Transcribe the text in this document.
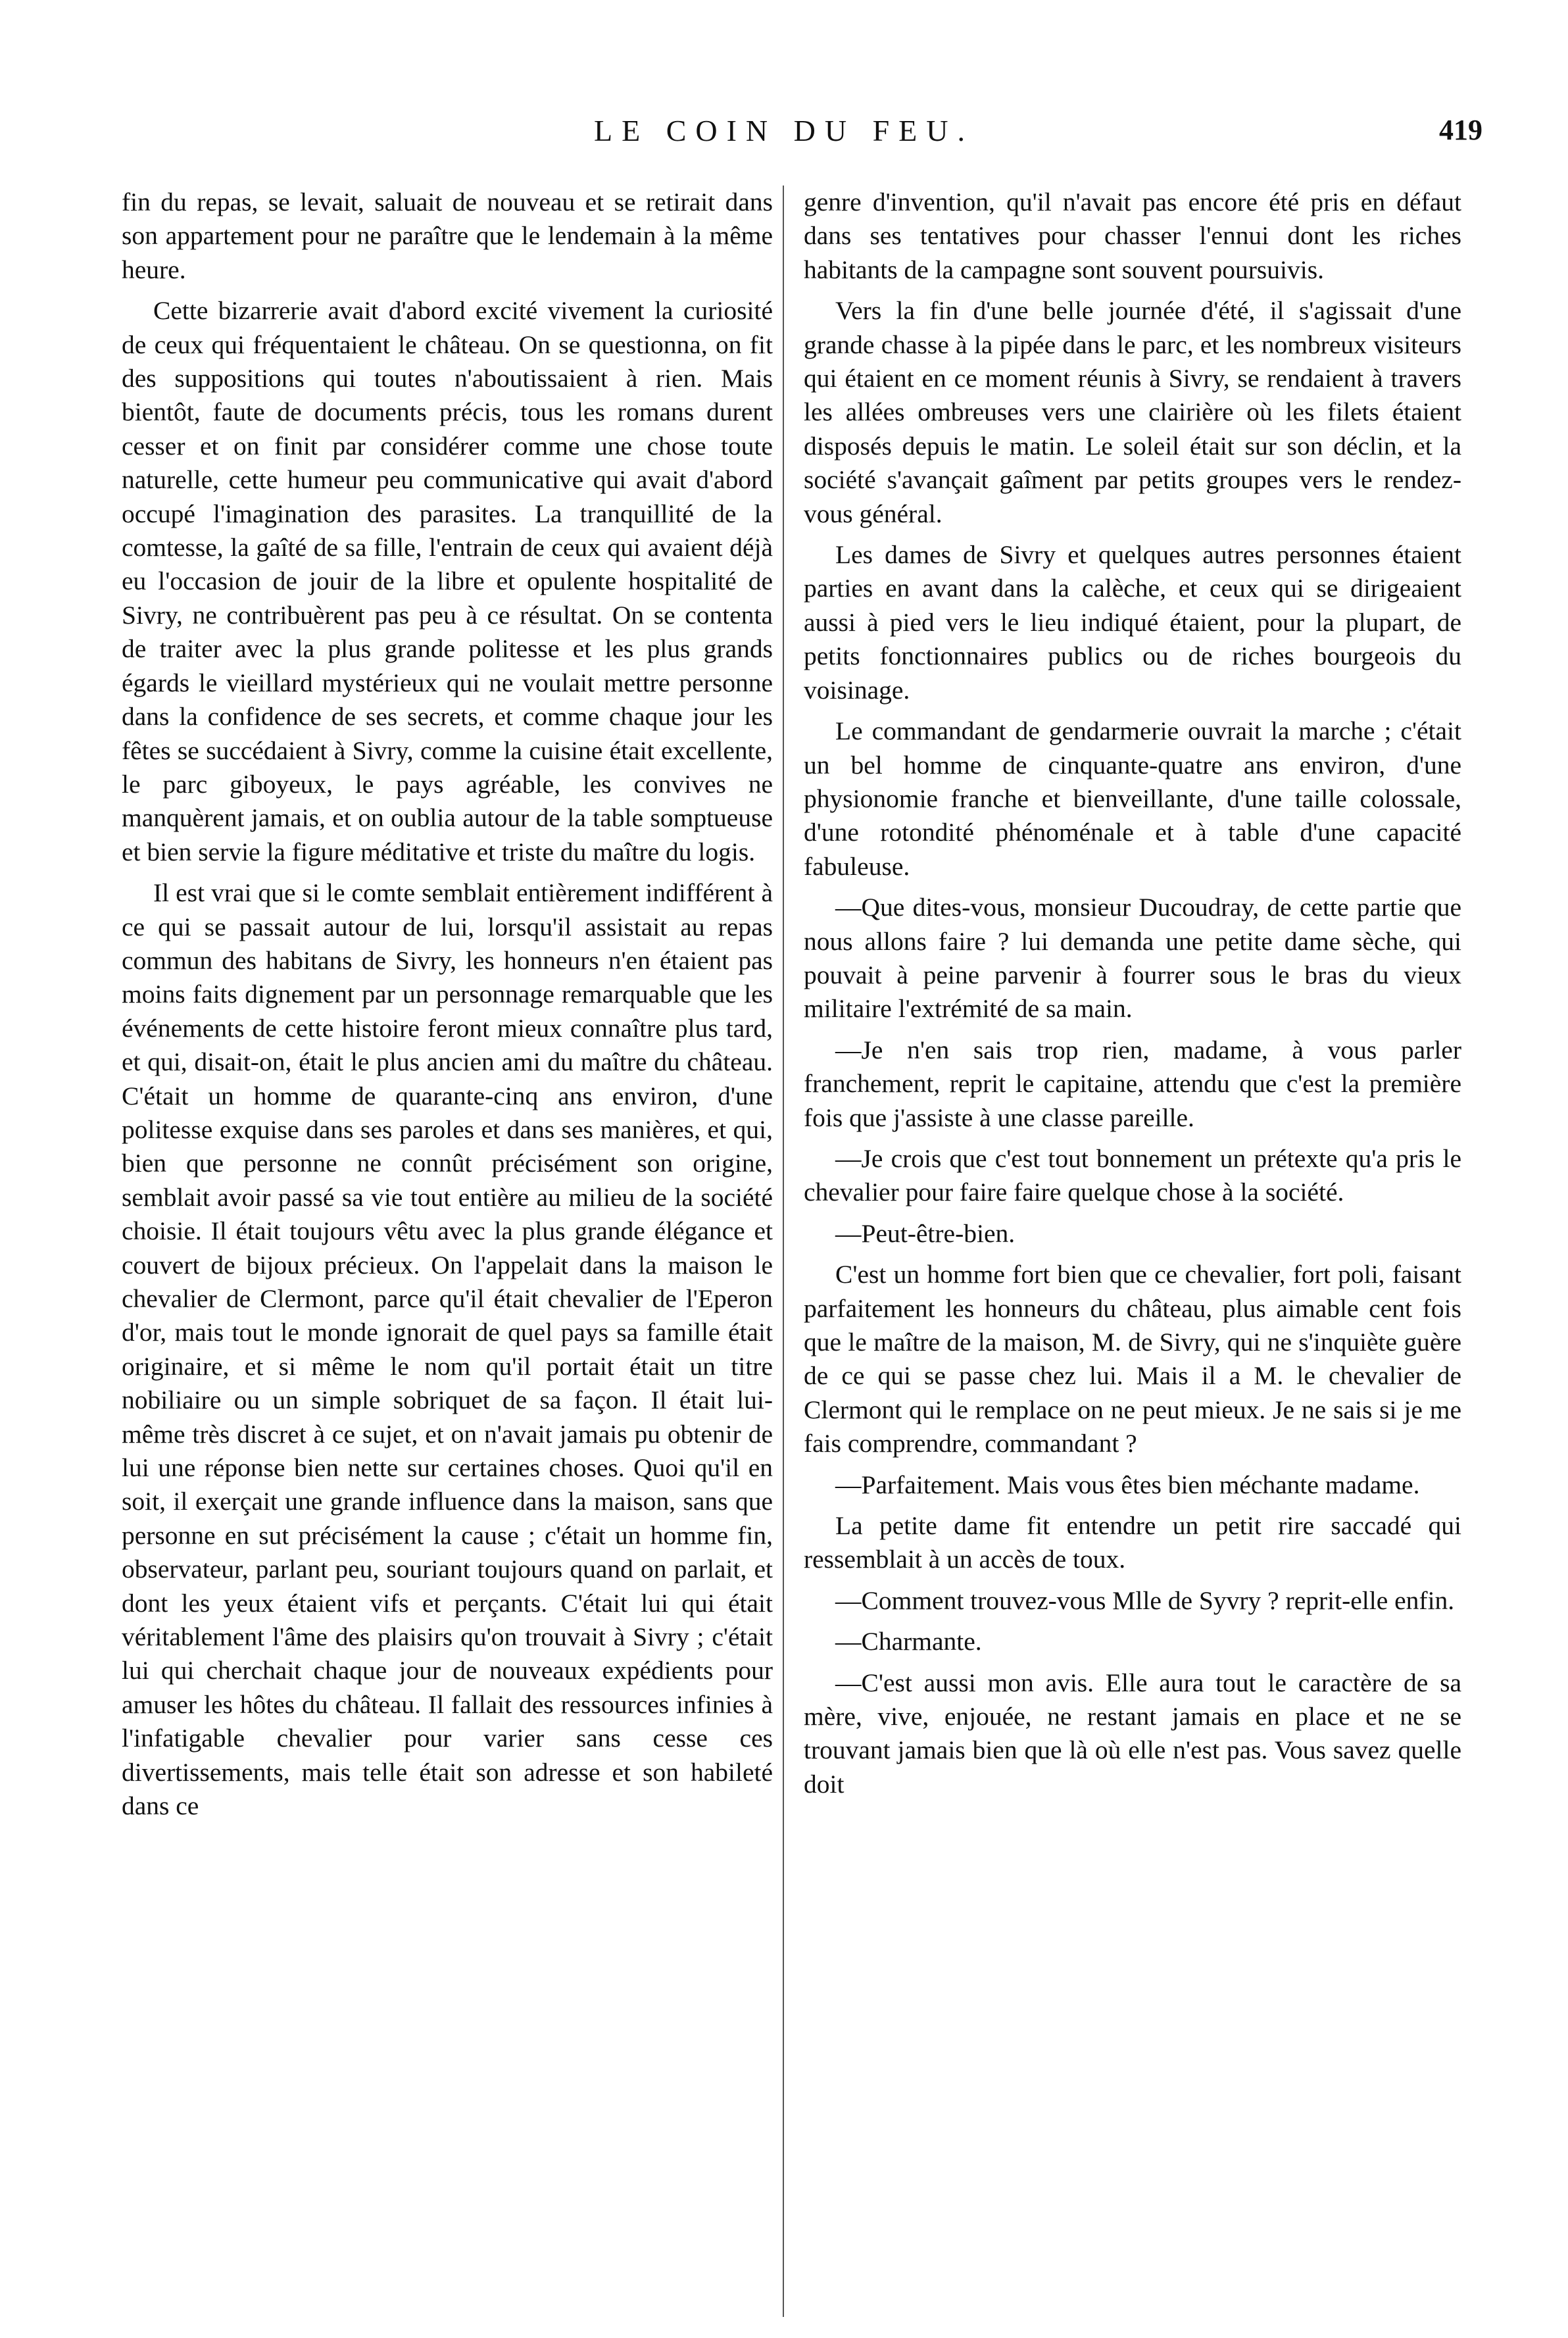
LE COIN DU FEU.	419

fin du repas, se levait, saluait de nouveau et se retirait dans son appartement pour ne paraître que le lendemain à la même heure.

Cette bizarrerie avait d'abord excité vivement la curiosité de ceux qui fréquentaient le château. On se questionna, on fit des suppositions qui toutes n'aboutissaient à rien. Mais bientôt, faute de documents précis, tous les romans durent cesser et on finit par considérer comme une chose toute naturelle, cette humeur peu communicative qui avait d'abord occupé l'imagination des parasites. La tranquillité de la comtesse, la gaîté de sa fille, l'entrain de ceux qui avaient déjà eu l'occasion de jouir de la libre et opulente hospitalité de Sivry, ne contribuèrent pas peu à ce résultat. On se contenta de traiter avec la plus grande politesse et les plus grands égards le vieillard mystérieux qui ne voulait mettre personne dans la confidence de ses secrets, et comme chaque jour les fêtes se succédaient à Sivry, comme la cuisine était excellente, le parc giboyeux, le pays agréable, les convives ne manquèrent jamais, et on oublia autour de la table somptueuse et bien servie la figure méditative et triste du maître du logis.

Il est vrai que si le comte semblait entièrement indifférent à ce qui se passait autour de lui, lorsqu'il assistait au repas commun des habitans de Sivry, les honneurs n'en étaient pas moins faits dignement par un personnage remarquable que les événements de cette histoire feront mieux connaître plus tard, et qui, disait-on, était le plus ancien ami du maître du château. C'était un homme de quarante-cinq ans environ, d'une politesse exquise dans ses paroles et dans ses manières, et qui, bien que personne ne connût précisément son origine, semblait avoir passé sa vie tout entière au milieu de la société choisie. Il était toujours vêtu avec la plus grande élégance et couvert de bijoux précieux. On l'appelait dans la maison le chevalier de Clermont, parce qu'il était chevalier de l'Eperon d'or, mais tout le monde ignorait de quel pays sa famille était originaire, et si même le nom qu'il portait était un titre nobiliaire ou un simple sobriquet de sa façon. Il était lui-même très discret à ce sujet, et on n'avait jamais pu obtenir de lui une réponse bien nette sur certaines choses. Quoi qu'il en soit, il exerçait une grande influence dans la maison, sans que personne en sut précisément la cause ; c'était un homme fin, observateur, parlant peu, souriant toujours quand on parlait, et dont les yeux étaient vifs et perçants. C'était lui qui était véritablement l'âme des plaisirs qu'on trouvait à Sivry ; c'était lui qui cherchait chaque jour de nouveaux expédients pour amuser les hôtes du château. Il fallait des ressources infinies à l'infatigable chevalier pour varier sans cesse ces divertissements, mais telle était son adresse et son habileté dans ce

genre d'invention, qu'il n'avait pas encore été pris en défaut dans ses tentatives pour chasser l'ennui dont les riches habitants de la campagne sont souvent poursuivis.

Vers la fin d'une belle journée d'été, il s'agissait d'une grande chasse à la pipée dans le parc, et les nombreux visiteurs qui étaient en ce moment réunis à Sivry, se rendaient à travers les allées ombreuses vers une clairière où les filets étaient disposés depuis le matin. Le soleil était sur son déclin, et la société s'avançait gaîment par petits groupes vers le rendez-vous général.

Les dames de Sivry et quelques autres personnes étaient parties en avant dans la calèche, et ceux qui se dirigeaient aussi à pied vers le lieu indiqué étaient, pour la plupart, de petits fonctionnaires publics ou de riches bourgeois du voisinage.

Le commandant de gendarmerie ouvrait la marche ; c'était un bel homme de cinquante-quatre ans environ, d'une physionomie franche et bienveillante, d'une taille colossale, d'une rotondité phénoménale et à table d'une capacité fabuleuse.

—Que dites-vous, monsieur Ducoudray, de cette partie que nous allons faire ? lui demanda une petite dame sèche, qui pouvait à peine parvenir à fourrer sous le bras du vieux militaire l'extrémité de sa main.

—Je n'en sais trop rien, madame, à vous parler franchement, reprit le capitaine, attendu que c'est la première fois que j'assiste à une classe pareille.

—Je crois que c'est tout bonnement un prétexte qu'a pris le chevalier pour faire faire quelque chose à la société.

—Peut-être-bien.

C'est un homme fort bien que ce chevalier, fort poli, faisant parfaitement les honneurs du château, plus aimable cent fois que le maître de la maison, M. de Sivry, qui ne s'inquiète guère de ce qui se passe chez lui. Mais il a M. le chevalier de Clermont qui le remplace on ne peut mieux. Je ne sais si je me fais comprendre, commandant ?

—Parfaitement. Mais vous êtes bien méchante madame.

La petite dame fit entendre un petit rire saccadé qui ressemblait à un accès de toux.

—Comment trouvez-vous Mlle de Syvry ? reprit-elle enfin.

—Charmante.

—C'est aussi mon avis. Elle aura tout le caractère de sa mère, vive, enjouée, ne restant jamais en place et ne se trouvant jamais bien que là où elle n'est pas. Vous savez quelle doit
